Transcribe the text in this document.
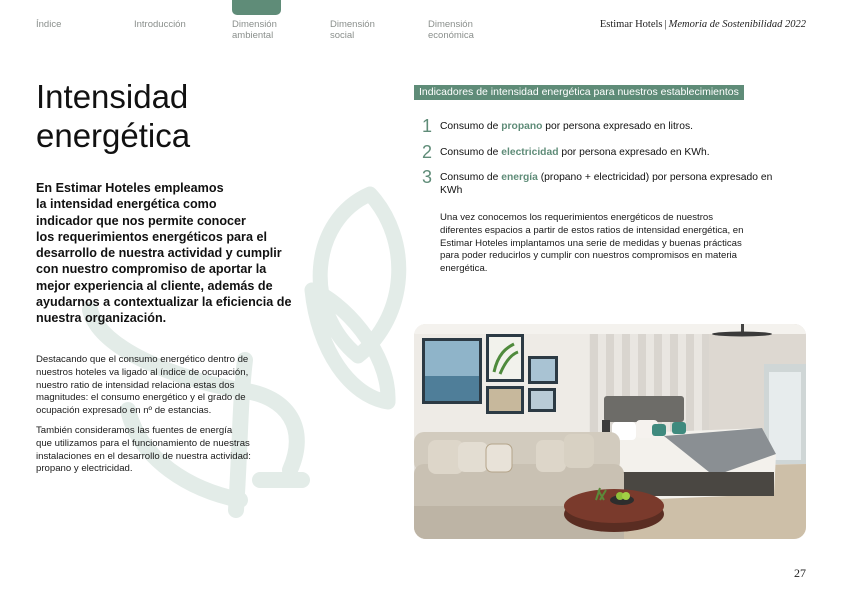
Índice	Introducción	Dimensión
ambiental
Dimensión
social
Dimensión
económica
Estimar Hotels | Memoria de Sostenibilidad 2022
Intensidad
energética
En Estimar Hoteles empleamos
la intensidad energética como
indicador que nos permite conocer
los requerimientos energéticos para el
desarrollo de nuestra actividad y cumplir
con nuestro compromiso de aportar la
mejor experiencia al cliente, además de
ayudarnos a contextualizar la eficiencia de
nuestra organización.
Destacando que el consumo energético dentro de
nuestros hoteles va ligado al índice de ocupación,
nuestro ratio de intensidad relaciona estas dos
magnitudes: el consumo energético y el grado de
ocupación expresado en nº de estancias.
También consideramos las fuentes de energía
que utilizamos para el funcionamiento de nuestras
instalaciones en el desarrollo de nuestra actividad:
propano y electricidad.
Indicadores de intensidad energética para nuestros establecimientos
1 Consumo de propano por persona expresado en litros.
2 Consumo de electricidad por persona expresado en KWh.
3 Consumo de energía (propano + electricidad) por persona expresado en KWh
Una vez conocemos los requerimientos energéticos de nuestros
diferentes espacios a partir de estos ratios de intensidad energética, en
Estimar Hoteles implantamos una serie de medidas y buenas prácticas
para poder reducirlos y cumplir con nuestros compromisos en materia
energética.
27
